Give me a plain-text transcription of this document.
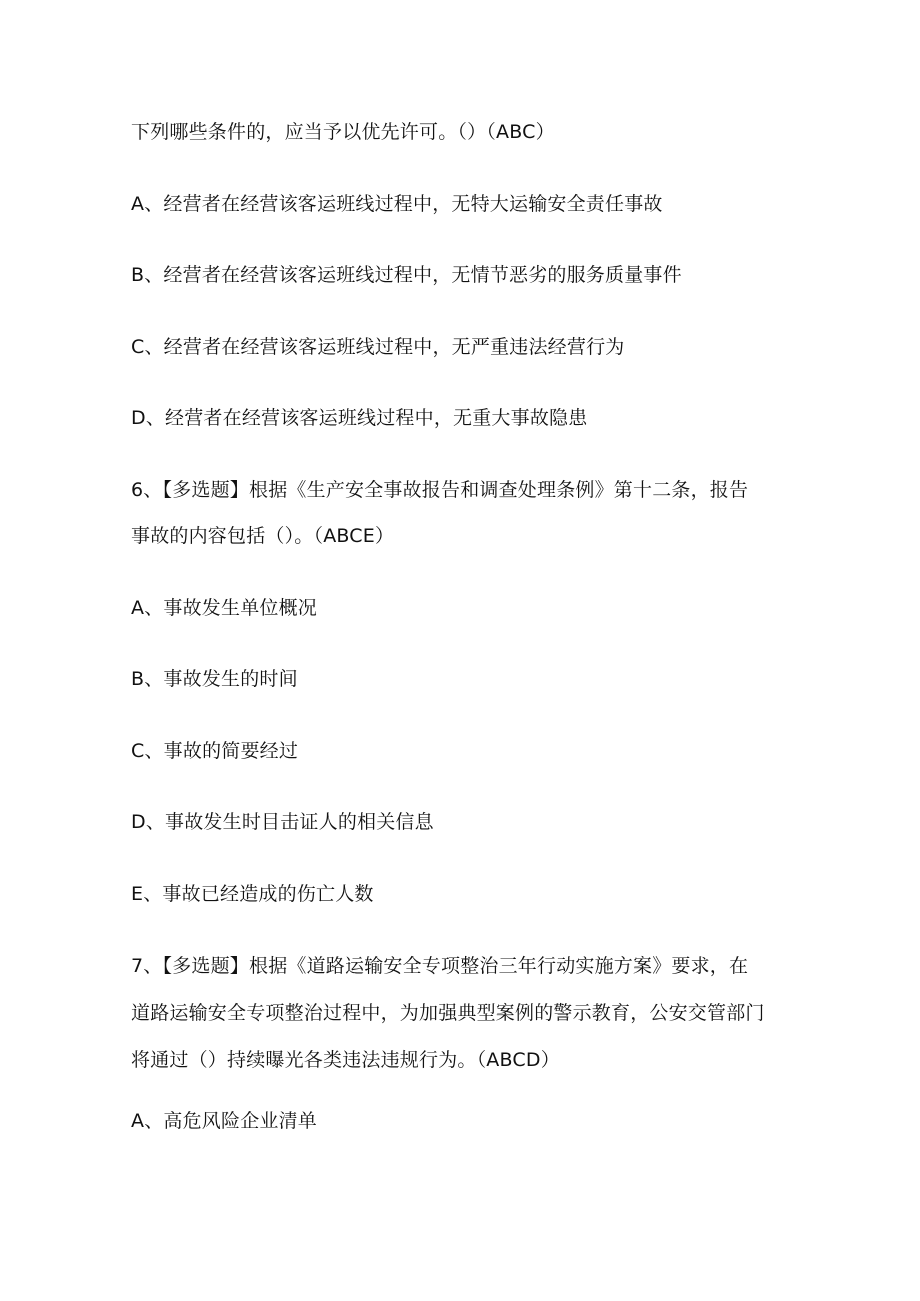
下列哪些条件的，应当予以优先许可。（）（ABC）
A、经营者在经营该客运班线过程中，无特大运输安全责任事故
B、经营者在经营该客运班线过程中，无情节恶劣的服务质量事件
C、经营者在经营该客运班线过程中，无严重违法经营行为
D、经营者在经营该客运班线过程中，无重大事故隐患
6、【多选题】根据《生产安全事故报告和调查处理条例》第十二条，报告
事故的内容包括（）。（ABCE）
A、事故发生单位概况
B、事故发生的时间
C、事故的简要经过
D、事故发生时目击证人的相关信息
E、事故已经造成的伤亡人数
7、【多选题】根据《道路运输安全专项整治三年行动实施方案》要求，在
道路运输安全专项整治过程中，为加强典型案例的警示教育，公安交管部门
将通过（）持续曝光各类违法违规行为。（ABCD）
A、高危风险企业清单
